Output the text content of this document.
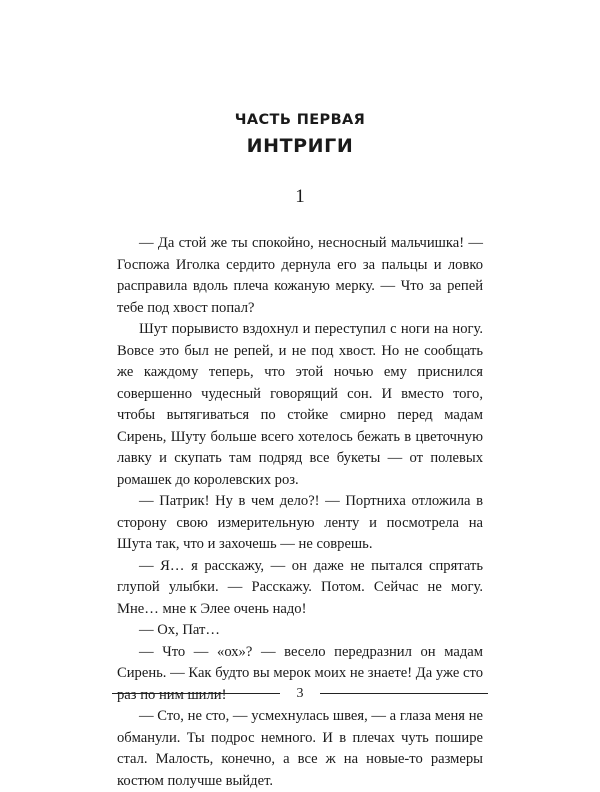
ЧАСТЬ ПЕРВАЯ
ИНТРИГИ
1

— Да стой же ты спокойно, несносный мальчишка! — Госпожа Иголка сердито дернула его за пальцы и ловко расправила вдоль плеча кожаную мерку. — Что за репей тебе под хвост попал?

Шут порывисто вздохнул и переступил с ноги на ногу. Вовсе это был не репей, и не под хвост. Но не сообщать же каждому теперь, что этой ночью ему приснился совершенно чудесный говорящий сон. И вместо того, чтобы вытягиваться по стойке смирно перед мадам Сирень, Шуту больше всего хотелось бежать в цветочную лавку и скупать там подряд все букеты — от полевых ромашек до королевских роз.

— Патрик! Ну в чем дело?! — Портниха отложила в сторону свою измерительную ленту и посмотрела на Шута так, что и захочешь — не соврешь.

— Я… я расскажу, — он даже не пытался спрятать глупой улыбки. — Расскажу. Потом. Сейчас не могу. Мне… мне к Элее очень надо!

— Ох, Пат…

— Что — «ох»? — весело передразнил он мадам Сирень. — Как будто вы мерок моих не знаете! Да уже сто раз по ним шили!

— Сто, не сто, — усмехнулась швея, — а глаза меня не обманули. Ты подрос немного. И в плечах чуть пошире стал. Малость, конечно, а все ж на новые-то размеры костюм получше выйдет.

3
